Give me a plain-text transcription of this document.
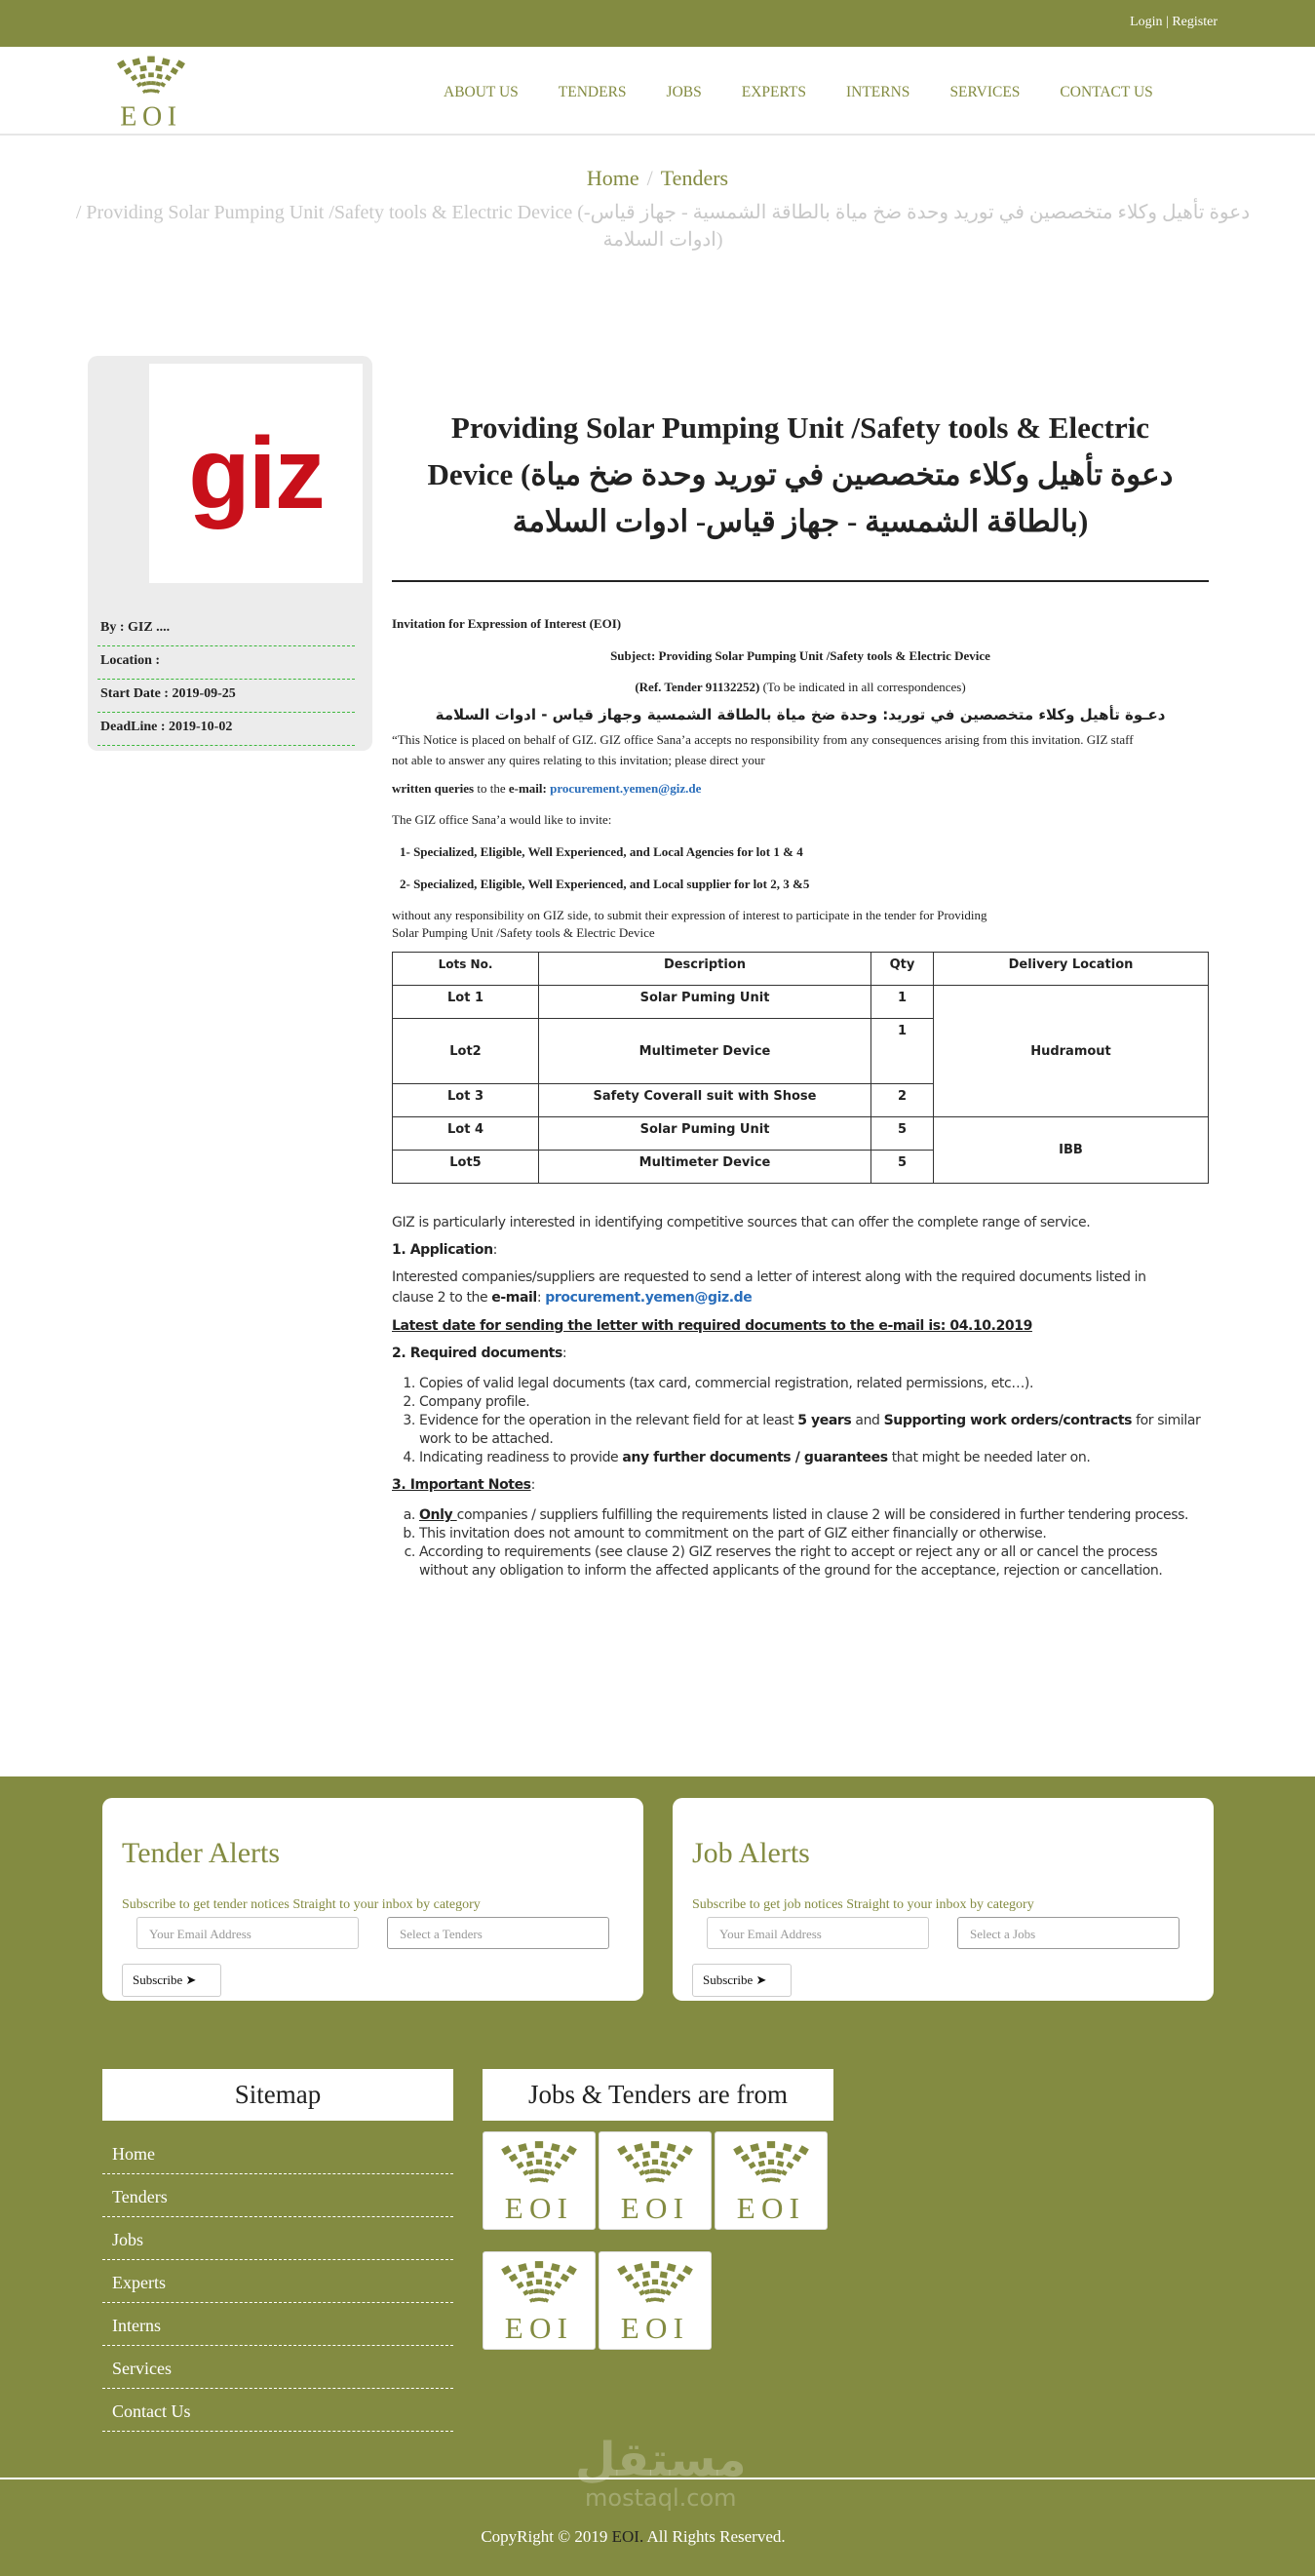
Login | Register
EOI
ABOUT US	TENDERS	JOBS	EXPERTS	INTERNS	SERVICES	CONTACT US
Home / Tenders
/ Providing Solar Pumping Unit /Safety tools & Electric Device (دعوة تأهيل وكلاء متخصصين في توريد وحدة ضخ مياة بالطاقة الشمسية - جهاز قياس- ادوات السلامة)
giz
By : GIZ ....
Location :
Start Date : 2019-09-25
DeadLine : 2019-10-02
Providing Solar Pumping Unit /Safety tools & Electric Device (دعوة تأهيل وكلاء متخصصين في توريد وحدة ضخ مياة بالطاقة الشمسية - جهاز قياس- ادوات السلامة)

Invitation for Expression of Interest (EOI)

Subject: Providing Solar Pumping Unit /Safety tools & Electric Device

(Ref. Tender 91132252) (To be indicated in all correspondences)

دعـوة تأهيل وكلاء متخصصين في توريد: وحدة ضخ مياة بالطاقة الشمسية وجهاز قياس - ادوات السلامة

“This Notice is placed on behalf of GIZ. GIZ office Sana’a accepts no responsibility from any consequences arising from this invitation. GIZ staff not able to answer any quires relating to this invitation; please direct your

written queries to the e-mail: procurement.yemen@giz.de

The GIZ office Sana’a would like to invite:

1- Specialized, Eligible, Well Experienced, and Local Agencies for lot 1 & 4

2- Specialized, Eligible, Well Experienced, and Local supplier for lot 2, 3 &5

without any responsibility on GIZ side, to submit their expression of interest to participate in the tender for Providing

Solar Pumping Unit /Safety tools & Electric Device

Lots No.	Description	Qty	Delivery Location
Lot 1	Solar Puming Unit	1	Hudramout
Lot2	Multimeter Device	1	
Lot 3	Safety Coverall suit with Shose	2	
Lot 4	Solar Puming Unit	5	IBB
Lot5	Multimeter Device	5	

GIZ is particularly interested in identifying competitive sources that can offer the complete range of service.

1. Application:

Interested companies/suppliers are requested to send a letter of interest along with the required documents listed in clause 2 to the e-mail: procurement.yemen@giz.de

Latest date for sending the letter with required documents to the e-mail is: 04.10.2019

2. Required documents:

1. Copies of valid legal documents (tax card, commercial registration, related permissions, etc…).
2. Company profile.
3. Evidence for the operation in the relevant field for at least 5 years and Supporting work orders/contracts for similar work to be attached.
4. Indicating readiness to provide any further documents / guarantees that might be needed later on.

3. Important Notes:

a. Only companies / suppliers fulfilling the requirements listed in clause 2 will be considered in further tendering process.
b. This invitation does not amount to commitment on the part of GIZ either financially or otherwise.
c. According to requirements (see clause 2) GIZ reserves the right to accept or reject any or all or cancel the process without any obligation to inform the affected applicants of the ground for the acceptance, rejection or cancellation.
Tender Alerts
Subscribe to get tender notices Straight to your inbox by category
Your Email Address	Select a Tenders
Subscribe ➤
Job Alerts
Subscribe to get job notices Straight to your inbox by category
Your Email Address	Select a Jobs
Subscribe ➤
Sitemap
Home
Tenders
Jobs
Experts
Interns
Services
Contact Us
Jobs & Tenders are from
EOI EOI EOI
EOI EOI
مستقل
mostaql.com
CopyRight © 2019 EOI. All Rights Reserved.
